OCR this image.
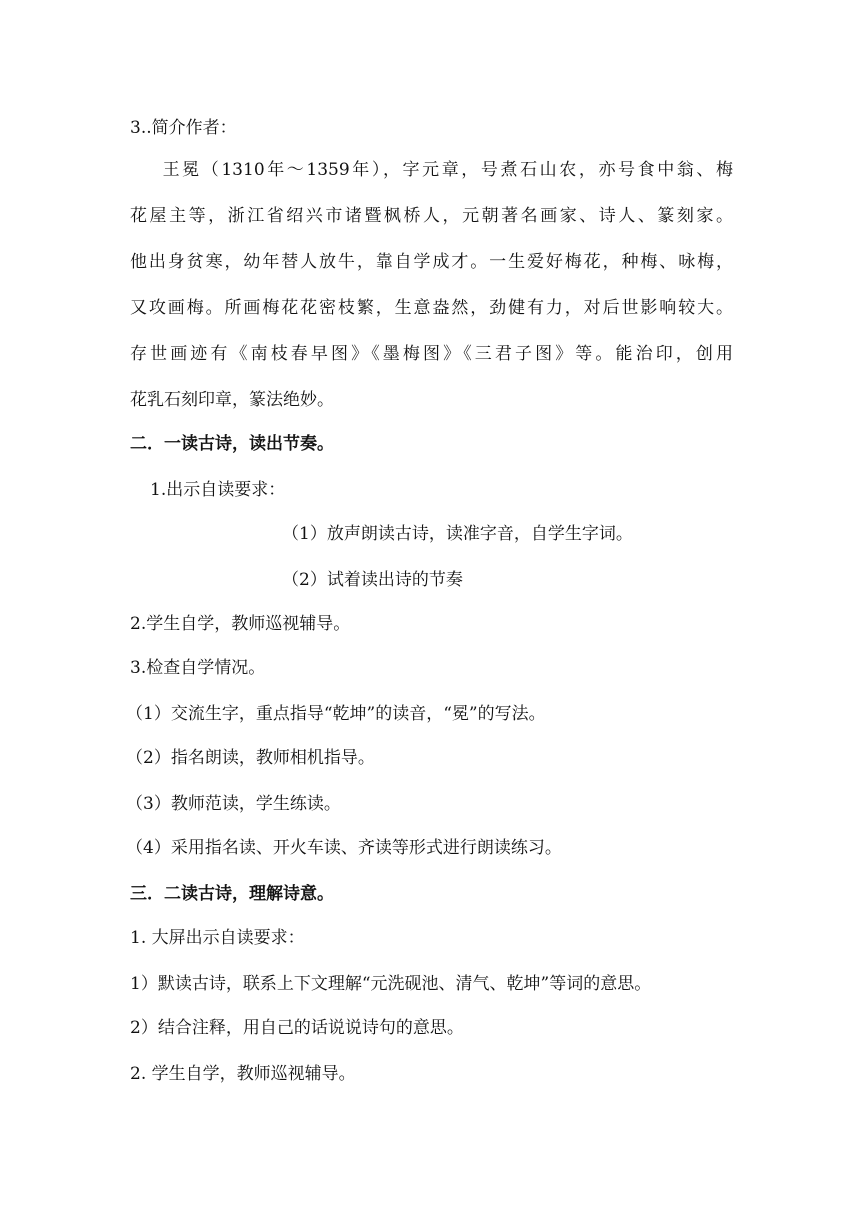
3..简介作者：
王冕（1310年～1359年），字元章，号煮石山农，亦号食中翁、梅
花屋主等，浙江省绍兴市诸暨枫桥人，元朝著名画家、诗人、篆刻家。
他出身贫寒，幼年替人放牛，靠自学成才。一生爱好梅花，种梅、咏梅，
又攻画梅。所画梅花花密枝繁，生意盎然，劲健有力，对后世影响较大。
存世画迹有《南枝春早图》《墨梅图》《三君子图》等。能治印，创用
花乳石刻印章，篆法绝妙。
二．一读古诗，读出节奏。
1.出示自读要求：
（1）放声朗读古诗，读准字音，自学生字词。
（2）试着读出诗的节奏
2.学生自学，教师巡视辅导。
3.检查自学情况。
（1）交流生字，重点指导“乾坤”的读音，“冕”的写法。
（2）指名朗读，教师相机指导。
（3）教师范读，学生练读。
（4）采用指名读、开火车读、齐读等形式进行朗读练习。
三．二读古诗，理解诗意。
1. 大屏出示自读要求：
1）默读古诗，联系上下文理解“元洗砚池、清气、乾坤”等词的意思。
2）结合注释，用自己的话说说诗句的意思。
2. 学生自学，教师巡视辅导。
